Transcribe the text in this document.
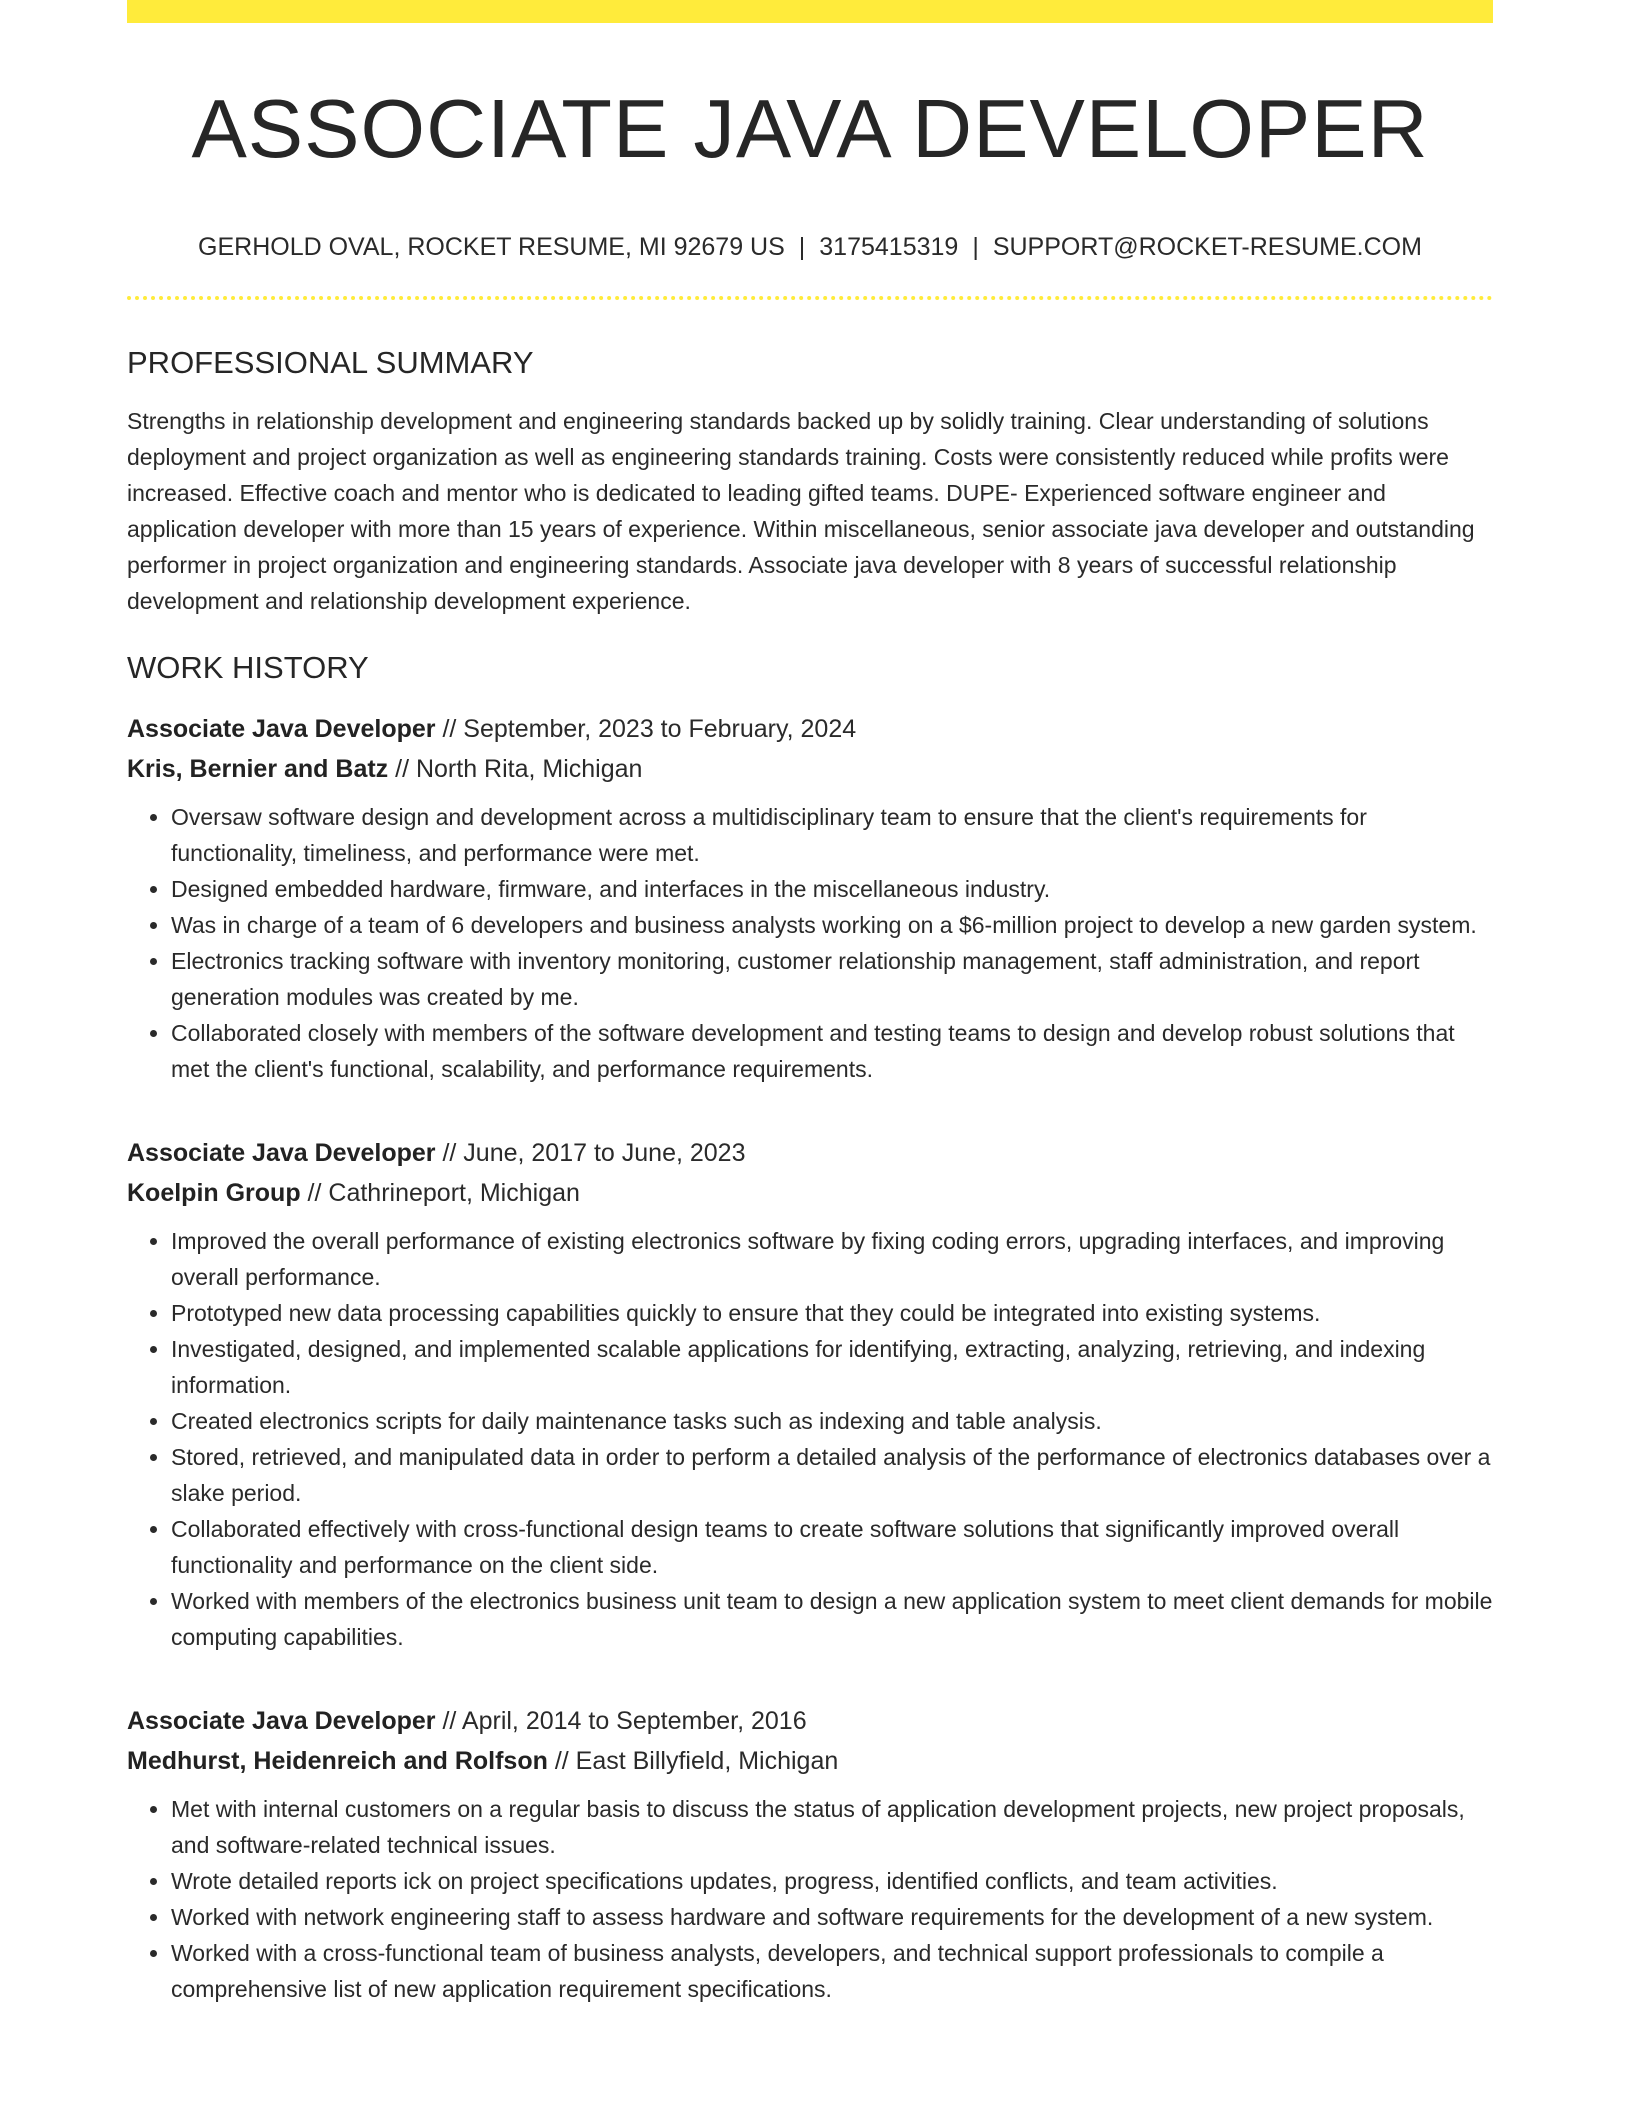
ASSOCIATE JAVA DEVELOPER
GERHOLD OVAL, ROCKET RESUME, MI 92679 US | 3175415319 | SUPPORT@ROCKET-RESUME.COM
PROFESSIONAL SUMMARY

Strengths in relationship development and engineering standards backed up by solidly training. Clear understanding of solutions deployment and project organization as well as engineering standards training. Costs were consistently reduced while profits were increased. Effective coach and mentor who is dedicated to leading gifted teams. DUPE- Experienced software engineer and application developer with more than 15 years of experience. Within miscellaneous, senior associate java developer and outstanding performer in project organization and engineering standards. Associate java developer with 8 years of successful relationship development and relationship development experience.

WORK HISTORY
Associate Java Developer // September, 2023 to February, 2024
Kris, Bernier and Batz // North Rita, Michigan
• Oversaw software design and development across a multidisciplinary team to ensure that the client's requirements for functionality, timeliness, and performance were met.
• Designed embedded hardware, firmware, and interfaces in the miscellaneous industry.
• Was in charge of a team of 6 developers and business analysts working on a $6-million project to develop a new garden system.
• Electronics tracking software with inventory monitoring, customer relationship management, staff administration, and report generation modules was created by me.
• Collaborated closely with members of the software development and testing teams to design and develop robust solutions that met the client's functional, scalability, and performance requirements.
Associate Java Developer // June, 2017 to June, 2023
Koelpin Group // Cathrineport, Michigan
• Improved the overall performance of existing electronics software by fixing coding errors, upgrading interfaces, and improving overall performance.
• Prototyped new data processing capabilities quickly to ensure that they could be integrated into existing systems.
• Investigated, designed, and implemented scalable applications for identifying, extracting, analyzing, retrieving, and indexing information.
• Created electronics scripts for daily maintenance tasks such as indexing and table analysis.
• Stored, retrieved, and manipulated data in order to perform a detailed analysis of the performance of electronics databases over a slake period.
• Collaborated effectively with cross-functional design teams to create software solutions that significantly improved overall functionality and performance on the client side.
• Worked with members of the electronics business unit team to design a new application system to meet client demands for mobile computing capabilities.
Associate Java Developer // April, 2014 to September, 2016
Medhurst, Heidenreich and Rolfson // East Billyfield, Michigan
• Met with internal customers on a regular basis to discuss the status of application development projects, new project proposals, and software-related technical issues.
• Wrote detailed reports ick on project specifications updates, progress, identified conflicts, and team activities.
• Worked with network engineering staff to assess hardware and software requirements for the development of a new system.
• Worked with a cross-functional team of business analysts, developers, and technical support professionals to compile a comprehensive list of new application requirement specifications.
